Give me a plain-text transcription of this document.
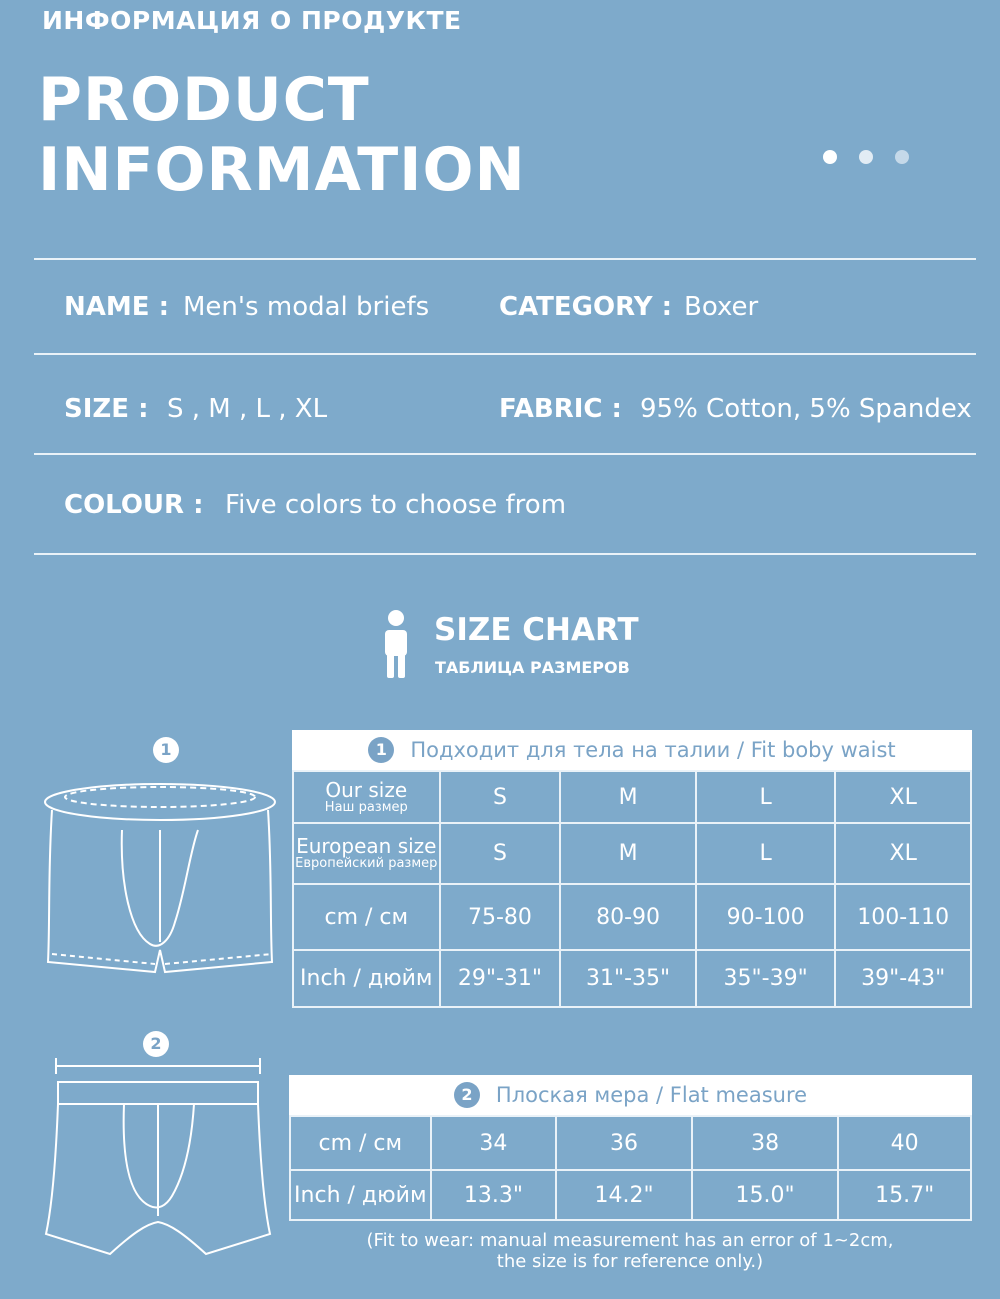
ИНФОРМАЦИЯ О ПРОДУКТЕ
PRODUCT
INFORMATION
NAME : Men's modal briefs	CATEGORY : Boxer
SIZE : S , M , L , XL	FABRIC : 95% Cotton, 5% Spandex
COLOUR : Five colors to choose from
SIZE CHART
ТАБЛИЦА РАЗМЕРОВ
1
2
1	Подходит для тела на талии / Fit boby waist
Our size
Наш размер	S	M	L	XL

European size
Европейский размер	S	M	L	XL
cm / см	75-80	80-90	90-100	100-110
Inch / дюйм	29"-31"	31"-35"	35"-39"	39"-43"
2	Плоская мера / Flat measure
cm / см	34	36	38	40
Inch / дюйм	13.3"	14.2"	15.0"	15.7"
(Fit to wear: manual measurement has an error of 1~2cm,
the size is for reference only.)
